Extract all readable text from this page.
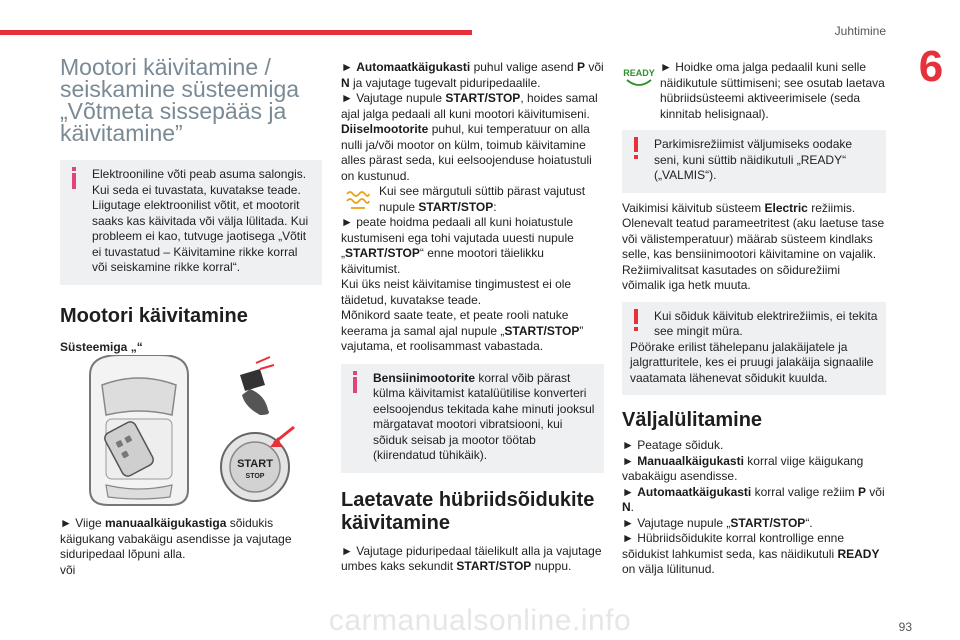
Juhtimine
6
Mootori käivitamine / seiskamine süsteemiga „Võtmeta sissepääs ja käivitamine”

Elektrooniline võti peab asuma salongis. Kui seda ei tuvastata, kuvatakse teade. Liigutage elektroonilist võtit, et mootorit saaks kas käivitada või välja lülitada. Kui probleem ei kao, tutvuge jaotisega „Võtit ei tuvastatud – Käivitamine rikke korral või seiskamine rikke korral“.

Mootori käivitamine

Süsteemiga „“

START
STOP

► Viige manuaalkäigukastiga sõidukis käigukang vabakäigu asendisse ja vajutage siduripedaal lõpuni alla.

või

► Automaatkäigukasti puhul valige asend P või N ja vajutage tugevalt piduripedaalile.

► Vajutage nupule START/STOP, hoides samal ajal jalga pedaali all kuni mootori käivitumiseni.

Diiselmootorite puhul, kui temperatuur on alla nulli ja/või mootor on külm, toimub käivitamine alles pärast seda, kui eelsoojenduse hoiatustuli on kustunud.

Kui see märgutuli süttib pärast vajutust nupule START/STOP:

► peate hoidma pedaali all kuni hoiatustule kustumiseni ega tohi vajutada uuesti nupule „START/STOP“ enne mootori täielikku käivitumist.

Kui üks neist käivitamise tingimustest ei ole täidetud, kuvatakse teade.

Mõnikord saate teate, et peate rooli natuke keerama ja samal ajal nupule „START/STOP” vajutama, et roolisammast vabastada.

Bensiinimootorite korral võib pärast külma käivitamist katalüütilise konverteri eelsoojendus tekitada kahe minuti jooksul märgatavat mootori vibratsiooni, kui sõiduk seisab ja mootor töötab (kiirendatud tühikäik).

Laetavate hübriidsõidukite käivitamine

► Vajutage piduripedaal täielikult alla ja vajutage umbes kaks sekundit START/STOP nuppu.

READY ► Hoidke oma jalga pedaalil kuni selle näidikutule süttimiseni; see osutab laetava hübriidsüsteemi aktiveerimisele (seda kinnitab helisignaal).

Parkimisrežiimist väljumiseks oodake seni, kuni süttib näidikutuli „READY“ („VALMIS“).

Vaikimisi käivitub süsteem Electric režiimis.

Olenevalt teatud parameetritest (aku laetuse tase või välistemperatuur) määrab süsteem kindlaks selle, kas bensiinimootori käivitamine on vajalik.

Režiimivalitsat kasutades on sõidurežiimi võimalik iga hetk muuta.

Kui sõiduk käivitub elektrirežiimis, ei tekita see mingit müra.

Pöörake erilist tähelepanu jalakäijatele ja jalgratturitele, kes ei pruugi jalakäija signaalile vaatamata lähenevat sõidukit kuulda.

Väljalülitamine

► Peatage sõiduk.

► Manuaalkäigukasti korral viige käigukang vabakäigu asendisse.

► Automaatkäigukasti korral valige režiim P või N.

► Vajutage nupule „START/STOP“.

► Hübriidsõidukite korral kontrollige enne sõidukist lahkumist seda, kas näidikutuli READY on välja lülitunud.

carmanualsonline.info	93
